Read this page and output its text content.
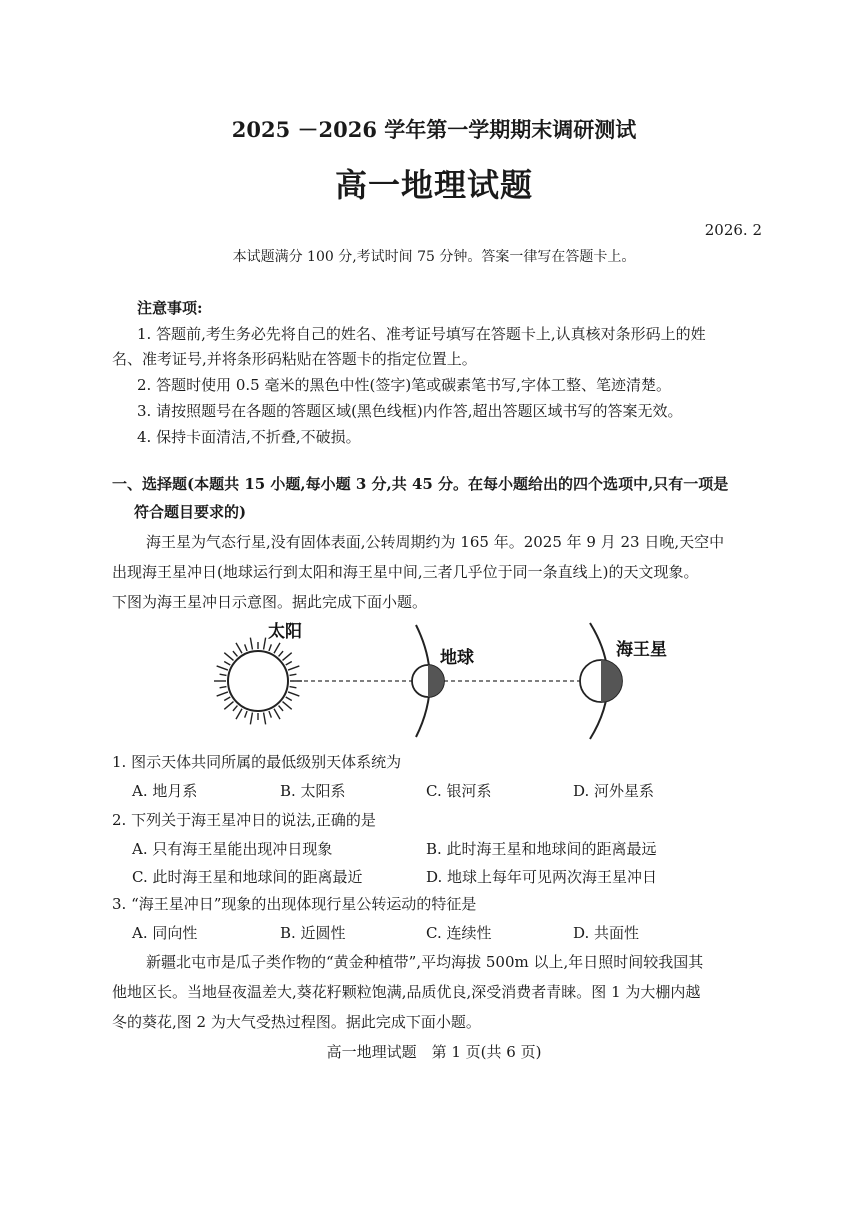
2025 －2026 学年第一学期期末调研测试
高一地理试题
2026. 2
本试题满分 100 分,考试时间 75 分钟。答案一律写在答题卡上。
注意事项:
1. 答题前,考生务必先将自己的姓名、准考证号填写在答题卡上,认真核对条形码上的姓
名、准考证号,并将条形码粘贴在答题卡的指定位置上。
2. 答题时使用 0.5 毫米的黑色中性(签字)笔或碳素笔书写,字体工整、笔迹清楚。
3. 请按照题号在各题的答题区域(黑色线框)内作答,超出答题区域书写的答案无效。
4. 保持卡面清洁,不折叠,不破损。
一、选择题(本题共 15 小题,每小题 3 分,共 45 分。在每小题给出的四个选项中,只有一项是
符合题目要求的)
海王星为气态行星,没有固体表面,公转周期约为 165 年。2025 年 9 月 23 日晚,天空中
出现海王星冲日(地球运行到太阳和海王星中间,三者几乎位于同一条直线上)的天文现象。
下图为海王星冲日示意图。据此完成下面小题。
太阳
地球	海王星
1. 图示天体共同所属的最低级别天体系统为
A. 地月系	B. 太阳系	C. 银河系	D. 河外星系
2. 下列关于海王星冲日的说法,正确的是
A. 只有海王星能出现冲日现象	B. 此时海王星和地球间的距离最远
C. 此时海王星和地球间的距离最近	D. 地球上每年可见两次海王星冲日
3. “海王星冲日”现象的出现体现行星公转运动的特征是
A. 同向性	B. 近圆性	C. 连续性	D. 共面性
新疆北屯市是瓜子类作物的“黄金种植带”,平均海拔 500m 以上,年日照时间较我国其
他地区长。当地昼夜温差大,葵花籽颗粒饱满,品质优良,深受消费者青睐。图 1 为大棚内越
冬的葵花,图 2 为大气受热过程图。据此完成下面小题。
高一地理试题　第 1 页(共 6 页)
